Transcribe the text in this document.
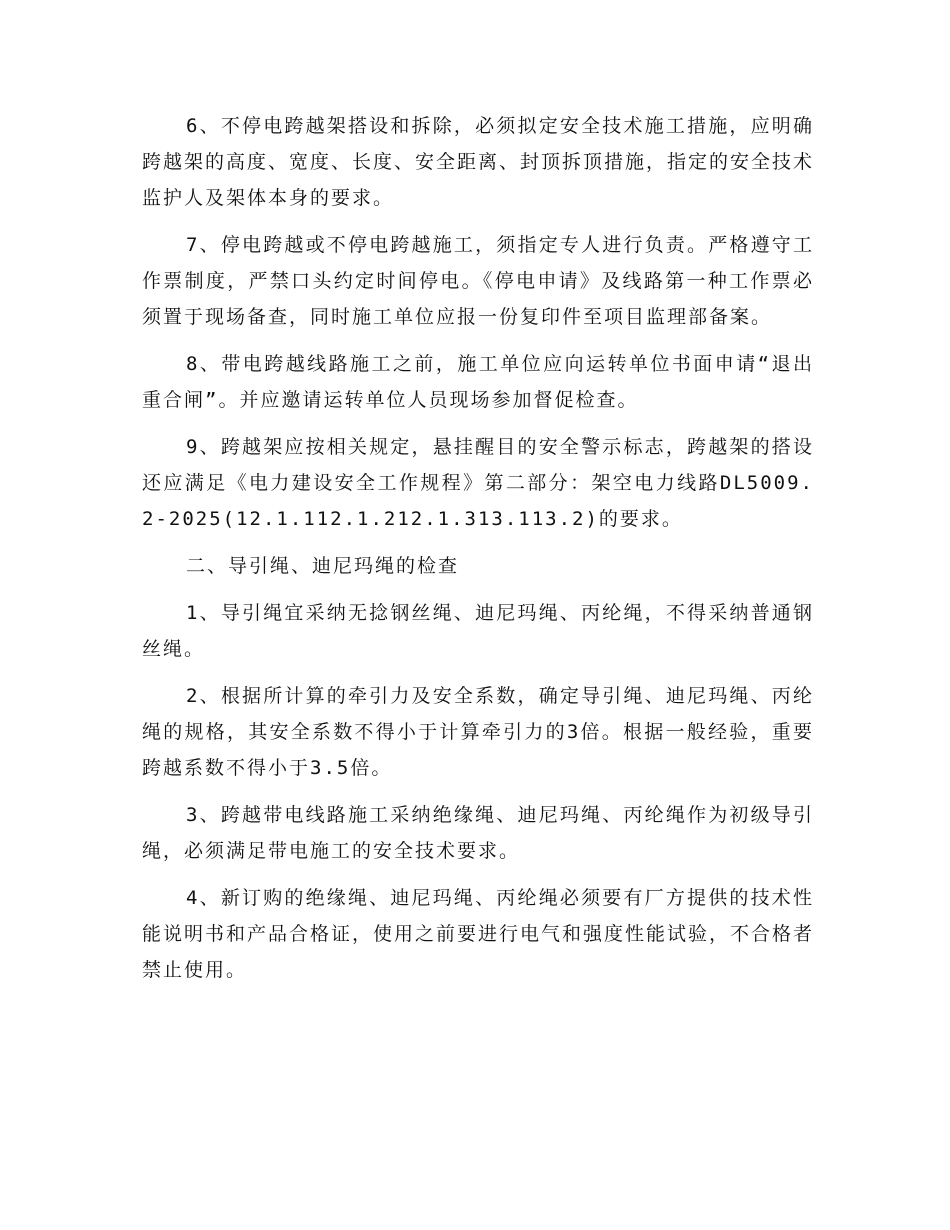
6、不停电跨越架搭设和拆除，必须拟定安全技术施工措施，应明确跨越架的高度、宽度、长度、安全距离、封顶拆顶措施，指定的安全技术监护人及架体本身的要求。

7、停电跨越或不停电跨越施工，须指定专人进行负责。严格遵守工作票制度，严禁口头约定时间停电。《停电申请》及线路第一种工作票必须置于现场备查，同时施工单位应报一份复印件至项目监理部备案。

8、带电跨越线路施工之前，施工单位应向运转单位书面申请“退出重合闸”。并应邀请运转单位人员现场参加督促检查。

9、跨越架应按相关规定，悬挂醒目的安全警示标志，跨越架的搭设还应满足《电力建设安全工作规程》第二部分：架空电力线路DL5009.2-2025(12.1.112.1.212.1.313.113.2)的要求。

二、导引绳、迪尼玛绳的检查

1、导引绳宜采纳无捻钢丝绳、迪尼玛绳、丙纶绳，不得采纳普通钢丝绳。

2、根据所计算的牵引力及安全系数，确定导引绳、迪尼玛绳、丙纶绳的规格，其安全系数不得小于计算牵引力的3倍。根据一般经验，重要跨越系数不得小于3.5倍。

3、跨越带电线路施工采纳绝缘绳、迪尼玛绳、丙纶绳作为初级导引绳，必须满足带电施工的安全技术要求。

4、新订购的绝缘绳、迪尼玛绳、丙纶绳必须要有厂方提供的技术性能说明书和产品合格证，使用之前要进行电气和强度性能试验，不合格者禁止使用。
